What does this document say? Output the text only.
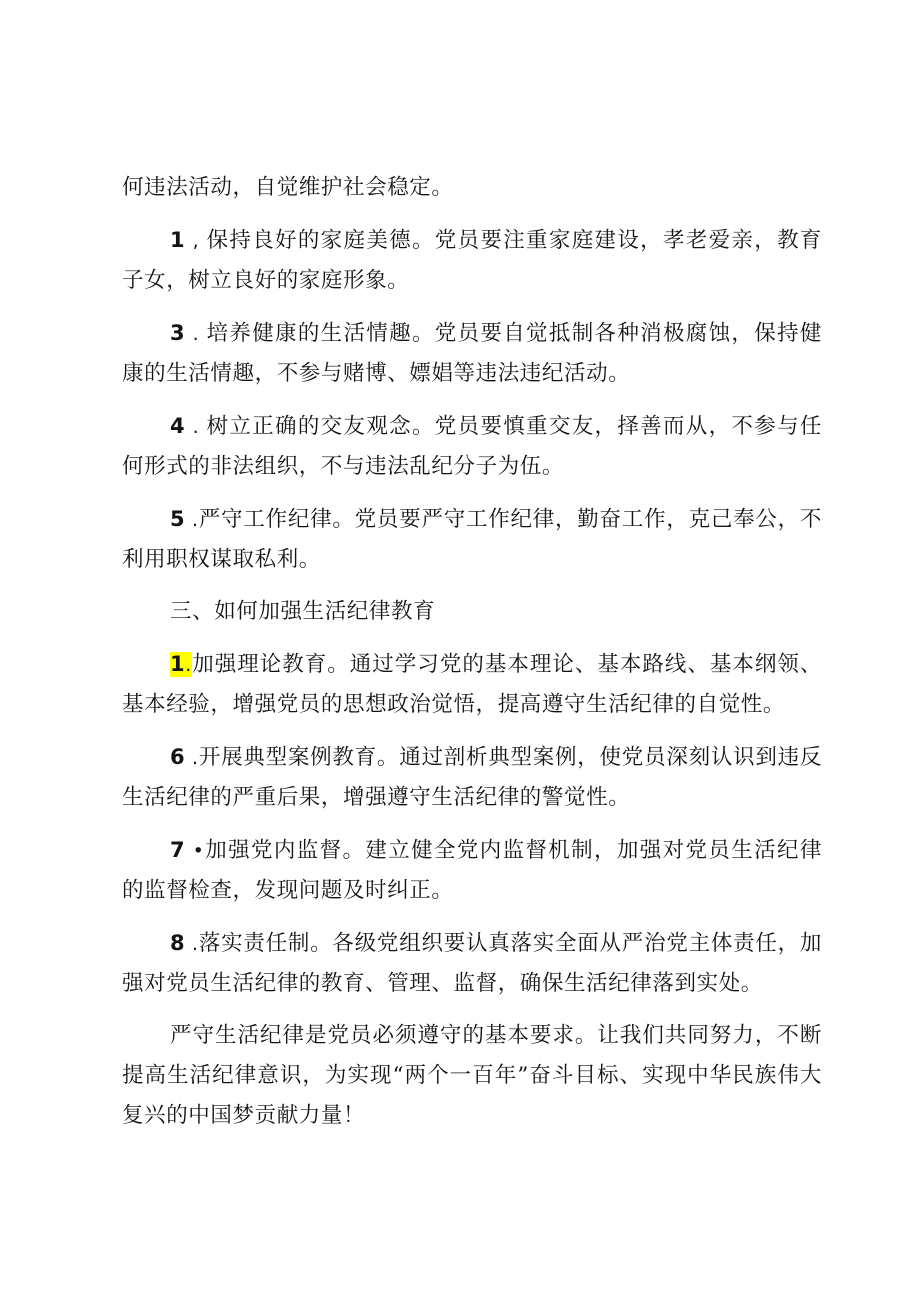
何违法活动，自觉维护社会稳定。

1 , 保持良好的家庭美德。党员要注重家庭建设，孝老爱亲，教育子女，树立良好的家庭形象。

3 . 培养健康的生活情趣。党员要自觉抵制各种消极腐蚀，保持健康的生活情趣，不参与赌博、嫖娼等违法违纪活动。

4 . 树立正确的交友观念。党员要慎重交友，择善而从，不参与任何形式的非法组织，不与违法乱纪分子为伍。

5 .严守工作纪律。党员要严守工作纪律，勤奋工作，克己奉公，不利用职权谋取私利。

三、如何加强生活纪律教育

1.加强理论教育。通过学习党的基本理论、基本路线、基本纲领、基本经验，增强党员的思想政治觉悟，提高遵守生活纪律的自觉性。

6 .开展典型案例教育。通过剖析典型案例，使党员深刻认识到违反生活纪律的严重后果，增强遵守生活纪律的警觉性。

7 •加强党内监督。建立健全党内监督机制，加强对党员生活纪律的监督检查，发现问题及时纠正。

8 .落实责任制。各级党组织要认真落实全面从严治党主体责任，加强对党员生活纪律的教育、管理、监督，确保生活纪律落到实处。

严守生活纪律是党员必须遵守的基本要求。让我们共同努力，不断提高生活纪律意识，为实现“两个一百年”奋斗目标、实现中华民族伟大复兴的中国梦贡献力量！
